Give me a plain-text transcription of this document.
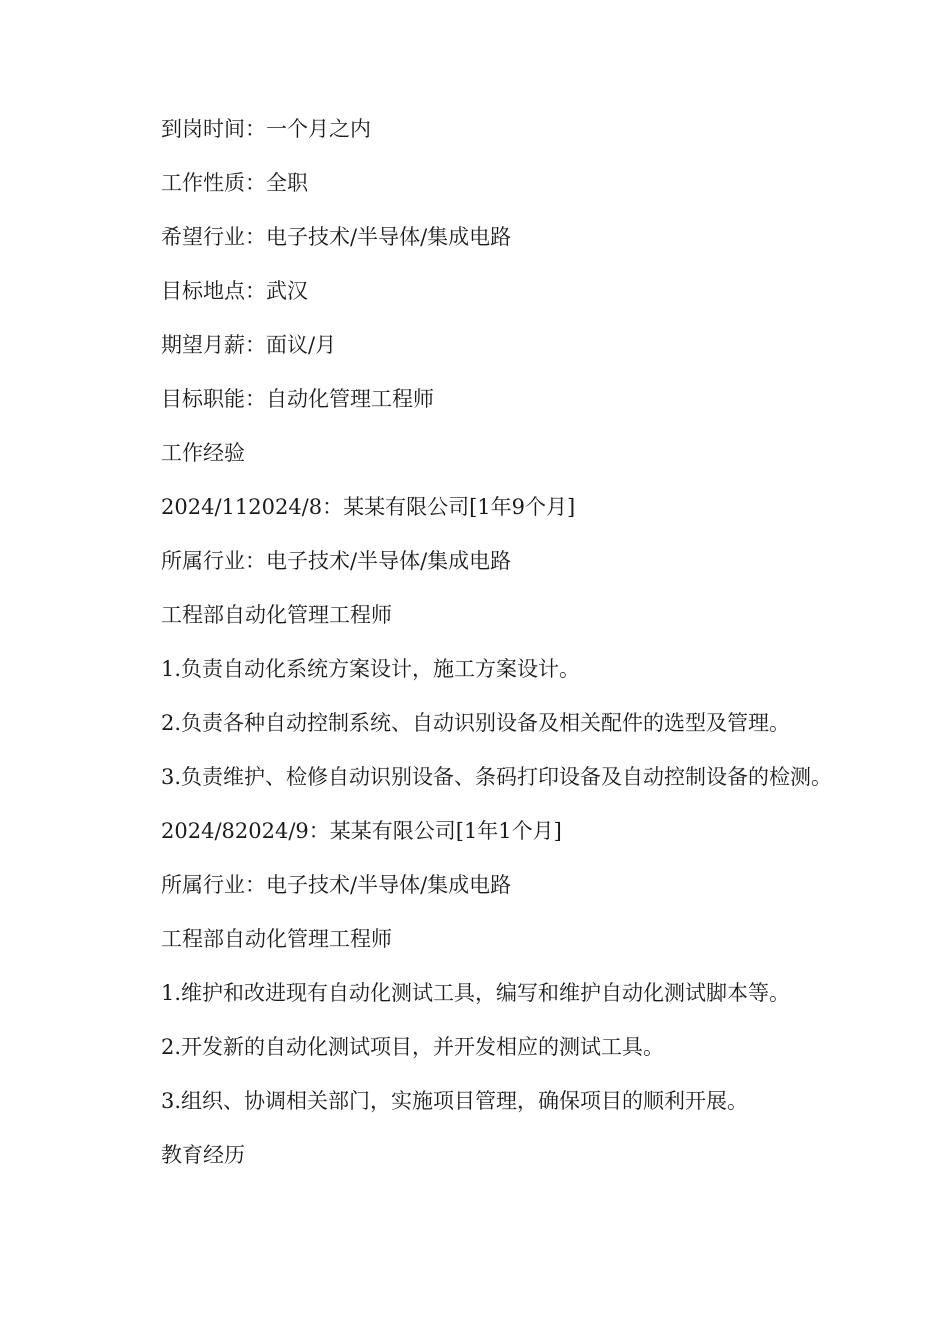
到岗时间：一个月之内

工作性质：全职

希望行业：电子技术/半导体/集成电路

目标地点：武汉

期望月薪：面议/月

目标职能：自动化管理工程师

工作经验

2024/112024/8：某某有限公司[1年9个月]

所属行业：电子技术/半导体/集成电路

工程部自动化管理工程师

1.负责自动化系统方案设计，施工方案设计。

2.负责各种自动控制系统、自动识别设备及相关配件的选型及管理。

3.负责维护、检修自动识别设备、条码打印设备及自动控制设备的检测。

2024/82024/9：某某有限公司[1年1个月]

所属行业：电子技术/半导体/集成电路

工程部自动化管理工程师

1.维护和改进现有自动化测试工具，编写和维护自动化测试脚本等。

2.开发新的自动化测试项目，并开发相应的测试工具。

3.组织、协调相关部门，实施项目管理，确保项目的顺利开展。

教育经历
